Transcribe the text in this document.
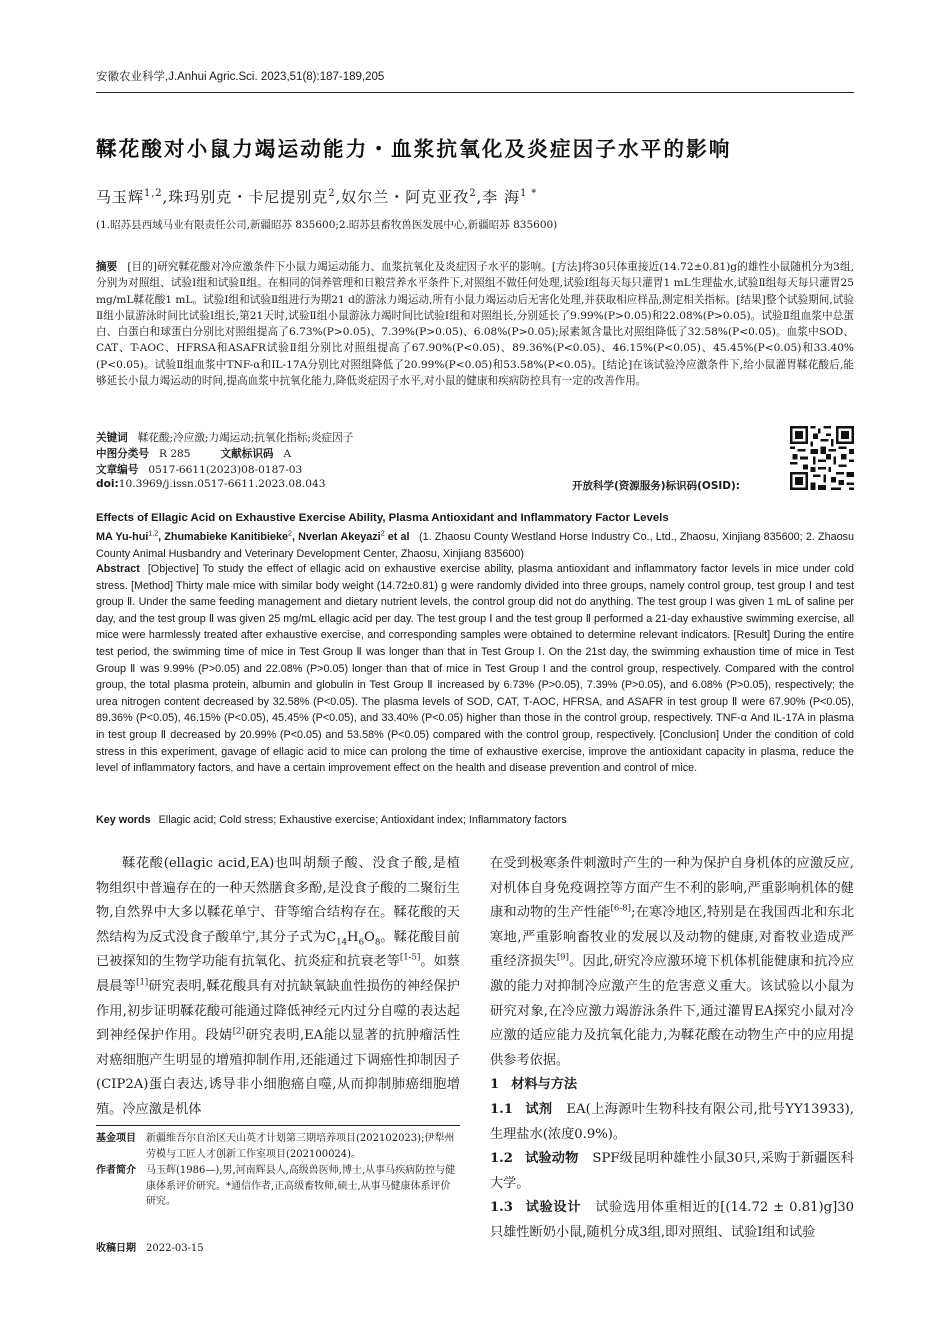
安徽农业科学,J.Anhui Agric.Sci. 2023,51(8):187-189,205
鞣花酸对小鼠力竭运动能力・血浆抗氧化及炎症因子水平的影响
马玉辉$^{1,2}$,珠玛别克・卡尼提别克$^2$,奴尔兰・阿克亚孜$^2$,李 海$^{1 *}$
(1.昭苏县西域马业有限责任公司,新疆昭苏 835600;2.昭苏县畜牧兽医发展中心,新疆昭苏 835600)
摘要 [目的]研究鞣花酸对冷应激条件下小鼠力竭运动能力、血浆抗氧化及炎症因子水平的影响。[方法]将30只体重接近(14.72±0.81)g的雄性小鼠随机分为3组,分别为对照组、试验Ⅰ组和试验Ⅱ组。在相同的饲养管理和日粮营养水平条件下,对照组不做任何处理,试验Ⅰ组每天每只灌胃1 mL生理盐水,试验Ⅱ组每天每只灌胃25 mg/mL鞣花酸1 mL。试验Ⅰ组和试验Ⅱ组进行为期21 d的游泳力竭运动,所有小鼠力竭运动后无害化处理,并获取相应样品,测定相关指标。[结果]整个试验期间,试验Ⅱ组小鼠游泳时间比试验Ⅰ组长,第21天时,试验Ⅱ组小鼠游泳力竭时间比试验Ⅰ组和对照组长,分别延长了9.99%(P>0.05)和22.08%(P>0.05)。试验Ⅱ组血浆中总蛋白、白蛋白和球蛋白分别比对照组提高了6.73%(P>0.05)、7.39%(P>0.05)、6.08%(P>0.05);尿素氮含量比对照组降低了32.58%(P<0.05)。血浆中SOD、CAT、T-AOC、HFRSA和ASAFR试验Ⅱ组分别比对照组提高了67.90%(P<0.05)、89.36%(P<0.05)、46.15%(P<0.05)、45.45%(P<0.05)和33.40%(P<0.05)。试验Ⅱ组血浆中TNF-α和IL-17A分别比对照组降低了20.99%(P<0.05)和53.58%(P<0.05)。[结论]在该试验冷应激条件下,给小鼠灌胃鞣花酸后,能够延长小鼠力竭运动的时间,提高血浆中抗氧化能力,降低炎症因子水平,对小鼠的健康和疾病防控具有一定的改善作用。
关键词 鞣花酸;冷应激;力竭运动;抗氧化指标;炎症因子
中图分类号 R 285	文献标识码 A
文章编号 0517-6611(2023)08-0187-03
doi:10.3969/j.issn.0517-6611.2023.08.043	开放科学(资源服务)标识码(OSID):
Effects of Ellagic Acid on Exhaustive Exercise Ability, Plasma Antioxidant and Inflammatory Factor Levels
MA Yu-hui$^{1,2}$, Zhumabieke Kanitibieke$^2$, Nverlan Akeyazi$^2$ et al (1. Zhaosu County Westland Horse Industry Co., Ltd., Zhaosu, Xinjiang 835600; 2. Zhaosu County Animal Husbandry and Veterinary Development Center, Zhaosu, Xinjiang 835600)
Abstract [Objective] To study the effect of ellagic acid on exhaustive exercise ability, plasma antioxidant and inflammatory factor levels in mice under cold stress. [Method] Thirty male mice with similar body weight (14.72±0.81) g were randomly divided into three groups, namely control group, test group Ⅰ and test group Ⅱ. Under the same feeding management and dietary nutrient levels, the control group did not do anything. The test group I was given 1 mL of saline per day, and the test group Ⅱ was given 25 mg/mL ellagic acid per day. The test group Ⅰ and the test group Ⅱ performed a 21-day exhaustive swimming exercise, all mice were harmlessly treated after exhaustive exercise, and corresponding samples were obtained to determine relevant indicators. [Result] During the entire test period, the swimming time of mice in Test Group Ⅱ was longer than that in Test Group Ⅰ. On the 21st day, the swimming exhaustion time of mice in Test Group Ⅱ was 9.99% (P>0.05) and 22.08% (P>0.05) longer than that of mice in Test Group I and the control group, respectively. Compared with the control group, the total plasma protein, albumin and globulin in Test Group Ⅱ increased by 6.73% (P>0.05), 7.39% (P>0.05), and 6.08% (P>0.05), respectively; the urea nitrogen content decreased by 32.58% (P<0.05). The plasma levels of SOD, CAT, T-AOC, HFRSA, and ASAFR in test group Ⅱ were 67.90% (P<0.05), 89.36% (P<0.05), 46.15% (P<0.05), 45.45% (P<0.05), and 33.40% (P<0.05) higher than those in the control group, respectively. TNF-α And IL-17A in plasma in test group Ⅱ decreased by 20.99% (P<0.05) and 53.58% (P<0.05) compared with the control group, respectively. [Conclusion] Under the condition of cold stress in this experiment, gavage of ellagic acid to mice can prolong the time of exhaustive exercise, improve the antioxidant capacity in plasma, reduce the level of inflammatory factors, and have a certain improvement effect on the health and disease prevention and control of mice.
Key words Ellagic acid; Cold stress; Exhaustive exercise; Antioxidant index; Inflammatory factors
鞣花酸(ellagic acid,EA)也叫胡颓子酸、没食子酸,是植物组织中普遍存在的一种天然膳食多酚,是没食子酸的二聚衍生物,自然界中大多以鞣花单宁、苷等缩合结构存在。鞣花酸的天然结构为反式没食子酸单宁,其分子式为$C_{14}H_6O_8$。鞣花酸目前已被探知的生物学功能有抗氧化、抗炎症和抗衰老等[1-5]。如蔡晨晨等[1]研究表明,鞣花酸具有对抗缺氧缺血性损伤的神经保护作用,初步证明鞣花酸可能通过降低神经元内过分自噬的表达起到神经保护作用。段婧[2]研究表明,EA能以显著的抗肿瘤活性对癌细胞产生明显的增殖抑制作用,还能通过下调癌性抑制因子(CIP2A)蛋白表达,诱导非小细胞癌自噬,从而抑制肺癌细胞增殖。冷应激是机体
在受到极寒条件刺激时产生的一种为保护自身机体的应激反应,对机体自身免疫调控等方面产生不利的影响,严重影响机体的健康和动物的生产性能[6-8];在寒冷地区,特别是在我国西北和东北寒地,严重影响畜牧业的发展以及动物的健康,对畜牧业造成严重经济损失[9]。因此,研究冷应激环境下机体机能健康和抗冷应激的能力对抑制冷应激产生的危害意义重大。该试验以小鼠为研究对象,在冷应激力竭游泳条件下,通过灌胃EA探究小鼠对冷应激的适应能力及抗氧化能力,为鞣花酸在动物生产中的应用提供参考依据。
1 材料与方法
1.1 试剂 EA(上海源叶生物科技有限公司,批号YY13933),生理盐水(浓度0.9%)。
1.2 试验动物 SPF级昆明种雄性小鼠30只,采购于新疆医科大学。
1.3 试验设计 试验选用体重相近的[(14.72 ± 0.81)g]30只雄性断奶小鼠,随机分成3组,即对照组、试验Ⅰ组和试验
基金项目 新疆维吾尔自治区天山英才计划第三期培养项目(202102023);伊犁州劳模与工匠人才创新工作室项目(202100024)。
作者简介 马玉辉(1986—),男,河南辉县人,高级兽医师,博士,从事马疾病防控与健康体系评价研究。*通信作者,正高级畜牧师,硕士,从事马健康体系评价研究。
收稿日期 2022-03-15
